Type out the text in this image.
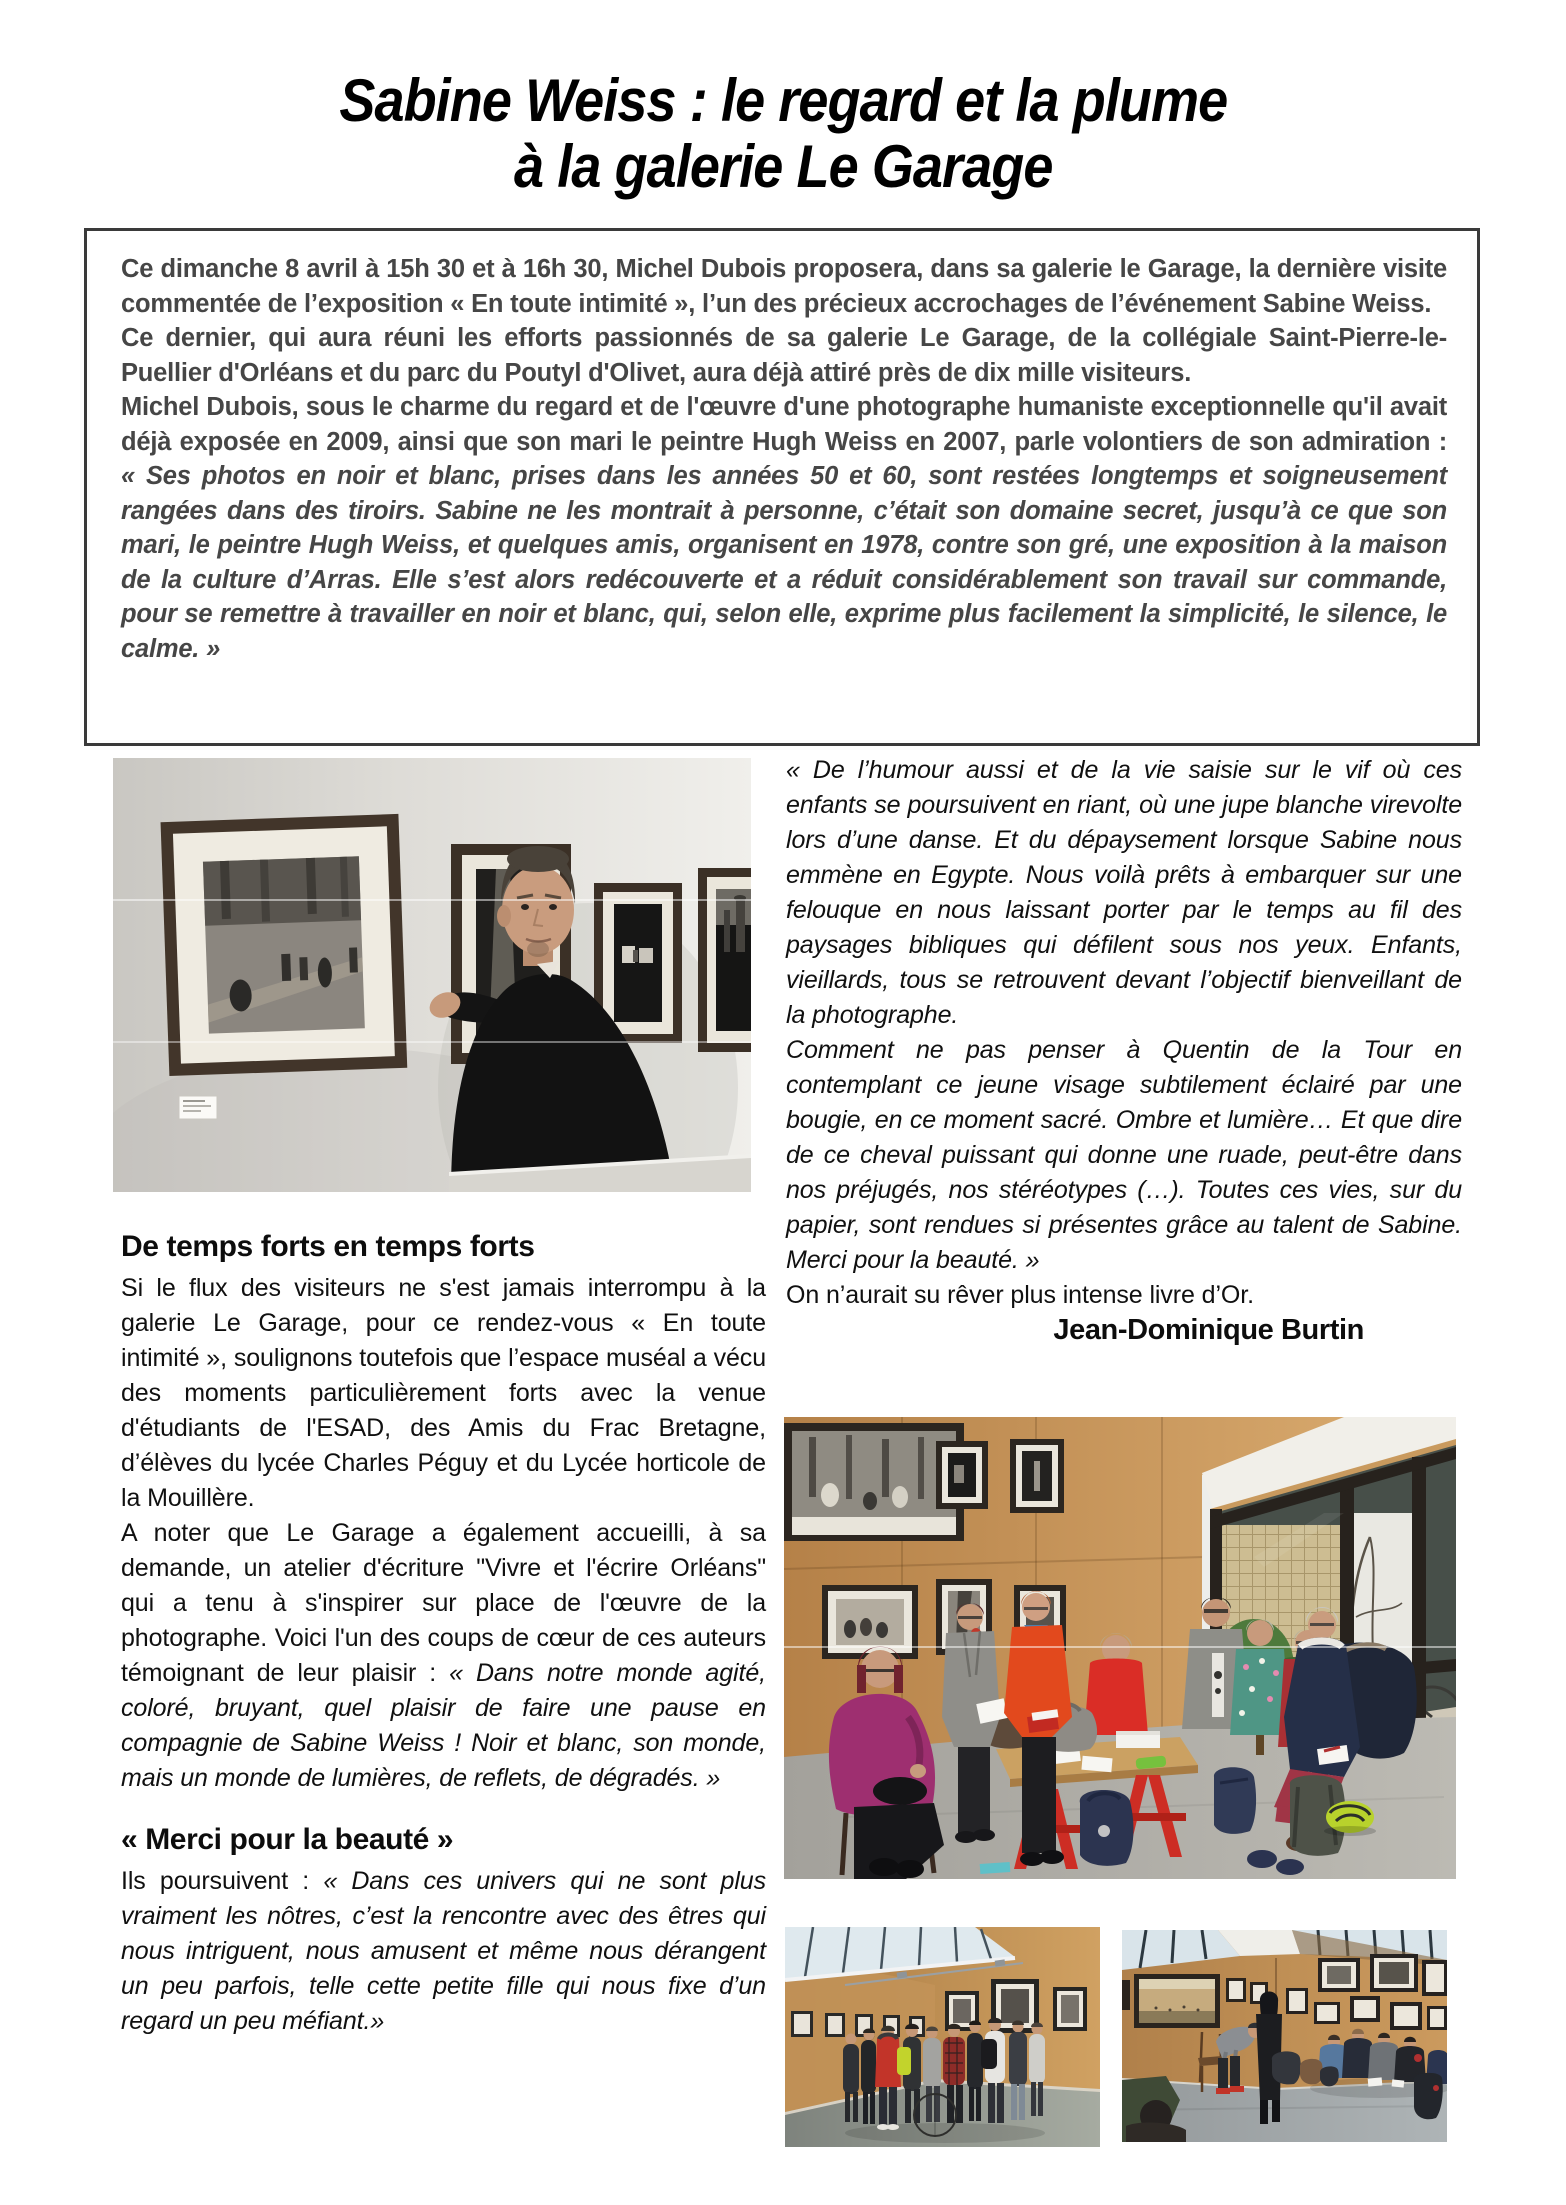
Sabine Weiss : le regard et la plume
à la galerie Le Garage

Ce dimanche 8 avril à 15h 30 et à 16h 30, Michel Dubois proposera, dans sa galerie le Garage, la dernière visite commentée de l’exposition « En toute intimité », l’un des précieux accrochages de l’événement Sabine Weiss.

Ce dernier, qui aura réuni les efforts passionnés de sa galerie Le Garage, de la collégiale Saint-Pierre-le-Puellier d'Orléans et du parc du Poutyl d'Olivet, aura déjà attiré près de dix mille visiteurs.

Michel Dubois, sous le charme du regard et de l'œuvre d'une photographe humaniste exceptionnelle qu'il avait déjà exposée en 2009, ainsi que son mari le peintre Hugh Weiss en 2007, parle volontiers de son admiration : « Ses photos en noir et blanc, prises dans les années 50 et 60, sont restées longtemps et soigneusement rangées dans des tiroirs. Sabine ne les montrait à personne, c’était son domaine secret, jusqu’à ce que son mari, le peintre Hugh Weiss, et quelques amis, organisent en 1978, contre son gré, une exposition à la maison de la culture d’Arras. Elle s’est alors redécouverte et a réduit considérablement son travail sur commande, pour se remettre à travailler en noir et blanc, qui, selon elle, exprime plus facilement la simplicité, le silence, le calme. »

« De l’humour aussi et de la vie saisie sur le vif où ces enfants se poursuivent en riant, où une jupe blanche virevolte lors d’une danse. Et du dépaysement lorsque Sabine nous emmène en Egypte. Nous voilà prêts à embarquer sur une felouque en nous laissant porter par le temps au fil des paysages bibliques qui défilent sous nos yeux. Enfants, vieillards, tous se retrouvent devant l’objectif bienveillant de la photographe.

Comment ne pas penser à Quentin de la Tour en contemplant ce jeune visage subtilement éclairé par une bougie, en ce moment sacré. Ombre et lumière… Et que dire de ce cheval puissant qui donne une ruade, peut-être dans nos préjugés, nos stéréotypes (…). Toutes ces vies, sur du papier, sont rendues si présentes grâce au talent de Sabine. Merci pour la beauté. »

On n’aurait su rêver plus intense livre d’Or.

Jean-Dominique Burtin

De temps forts en temps forts

Si le flux des visiteurs ne s'est jamais interrompu à la galerie Le Garage, pour ce rendez-vous « En toute intimité », soulignons toutefois que l’espace muséal a vécu des moments particulièrement forts avec la venue d'étudiants de l'ESAD, des Amis du Frac Bretagne, d’élèves du lycée Charles Péguy et du Lycée horticole de la Mouillère.

A noter que Le Garage a également accueilli, à sa demande, un atelier d'écriture "Vivre et l'écrire Orléans" qui a tenu à s'inspirer sur place de l'œuvre de la photographe. Voici l'un des coups de cœur de ces auteurs témoignant de leur plaisir : « Dans notre monde agité, coloré, bruyant, quel plaisir de faire une pause en compagnie de Sabine Weiss ! Noir et blanc, son monde, mais un monde de lumières, de reflets, de dégradés. »

« Merci pour la beauté »

Ils poursuivent : « Dans ces univers qui ne sont plus vraiment les nôtres, c’est la rencontre avec des êtres qui nous intriguent, nous amusent et même nous dérangent un peu parfois, telle cette petite fille qui nous fixe d’un regard un peu méfiant.»
